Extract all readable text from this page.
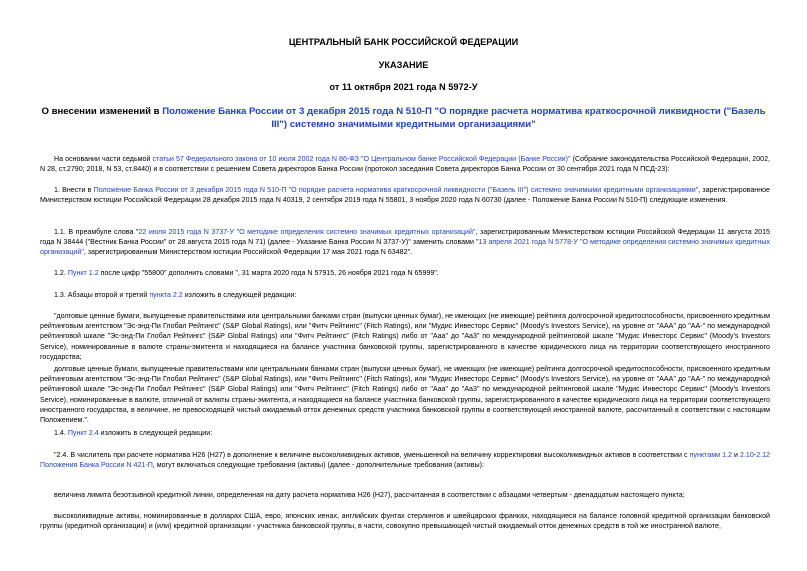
ЦЕНТРАЛЬНЫЙ БАНК РОССИЙСКОЙ ФЕДЕРАЦИИ
УКАЗАНИЕ
от 11 октября 2021 года N 5972-У
О внесении изменений в Положение Банка России от 3 декабря 2015 года N 510-П "О порядке расчета норматива краткосрочной ликвидности ("Базель III") системно значимыми кредитными организациями"
На основании части седьмой статьи 57 Федерального закона от 10 июля 2002 года N 86-ФЗ "О Центральном банке Российской Федерации (Банке России)" (Собрание законодательства Российской Федерации, 2002, N 28, ст.2790; 2018, N 53, ст.8440) и в соответствии с решением Совета директоров Банка России (протокол заседания Совета директоров Банка России от 30 сентября 2021 года N ПСД-23):
1. Внести в Положение Банка России от 3 декабря 2015 года N 510-П "О порядке расчета норматива краткосрочной ликвидности ("Базель III") системно значимыми кредитными организациями", зарегистрированное Министерством юстиции Российской Федерации 28 декабря 2015 года N 40319, 2 сентября 2019 года N 55801, 3 ноября 2020 года N 60730 (далее - Положение Банка России N 510-П) следующие изменения.
1.1. В преамбуле слова "22 июля 2015 года N 3737-У "О методике определения системно значимых кредитных организаций", зарегистрированным Министерством юстиции Российской Федерации 11 августа 2015 года N 38444 ("Вестник Банка России" от 28 августа 2015 года N 71) (далее - Указание Банка России N 3737-У)" заменить словами "13 апреля 2021 года N 5778-У "О методике определения системно значимых кредитных организаций", зарегистрированным Министерством юстиции Российской Федерации 17 мая 2021 года N 63482".
1.2. Пункт 1.2 после цифр "55800" дополнить словами ", 31 марта 2020 года N 57915, 26 ноября 2021 года N 65999".
1.3. Абзацы второй и третий пункта 2.2 изложить в следующей редакции:
"долговые ценные бумаги, выпущенные правительствами или центральными банками стран (выпуски ценных бумаг), не имеющих (не имеющие) рейтинга долгосрочной кредитоспособности, присвоенного кредитным рейтинговым агентством "Эс-энд-Пи Глобал Рейтингс" (S&P Global Ratings), или "Фитч Рейтингс" (Fitch Ratings), или "Мудис Инвесторс Сервис" (Moody's Investors Service), на уровне от "AAA" до "AA-" по международной рейтинговой шкале "Эс-энд-Пи Глобал Рейтингс" (S&P Global Ratings) или "Фитч Рейтингс" (Fitch Ratings) либо от "Aaa" до "Aa3" по международной рейтинговой шкале "Мудис Инвесторс Сервис" (Moody's Investors Service), номинированные в валюте страны-эмитента и находящиеся на балансе участника банковской группы, зарегистрированного в качестве юридического лица на территории соответствующего иностранного государства;
долговые ценные бумаги, выпущенные правительствами или центральными банками стран (выпуски ценных бумаг), не имеющих (не имеющие) рейтинга долгосрочной кредитоспособности, присвоенного кредитным рейтинговым агентством "Эс-энд-Пи Глобал Рейтингс" (S&P Global Ratings), или "Фитч Рейтингс" (Fitch Ratings), или "Мудис Инвесторс Сервис" (Moody's Investors Service), на уровне от "AAA" до "AA-" по международной рейтинговой шкале "Эс-энд-Пи Глобал Рейтингс" (S&P Global Ratings) или "Фитч Рейтингс" (Fitch Ratings) либо от "Aaa" до "Aa3" по международной рейтинговой шкале "Мудис Инвесторс Сервис" (Moody's Investors Service), номинированные в валюте, отличной от валюты страны-эмитента, и находящиеся на балансе участника банковской группы, зарегистрированного в качестве юридического лица на территории соответствующего иностранного государства, в величине, не превосходящей чистый ожидаемый отток денежных средств участника банковской группы в соответствующей иностранной валюте, рассчитанный в соответствии с настоящим Положением.".
1.4. Пункт 2.4 изложить в следующей редакции:
"2.4. В числитель при расчете норматива Н26 (Н27) в дополнение к величине высоколиквидных активов, уменьшенной на величину корректировки высоколиквидных активов в соответствии с пунктами 1.2 и 2.10-2.12 Положения Банка России N 421-П, могут включаться следующие требования (активы) (далее - дополнительные требования (активы):
величина лимита безотзывной кредитной линии, определенная на дату расчета норматива Н26 (Н27), рассчитанная в соответствии с абзацами четвертым - двенадцатым настоящего пункта;
высоколиквидные активы, номинированные в долларах США, евро, японских иенах, английских фунтах стерлингов и швейцарских франках, находящиеся на балансе головной кредитной организации банковской группы (кредитной организации) и (или) кредитной организации - участника банковской группы, в части, совокупно превышающей чистый ожидаемый отток денежных средств в той же иностранной валюте,
